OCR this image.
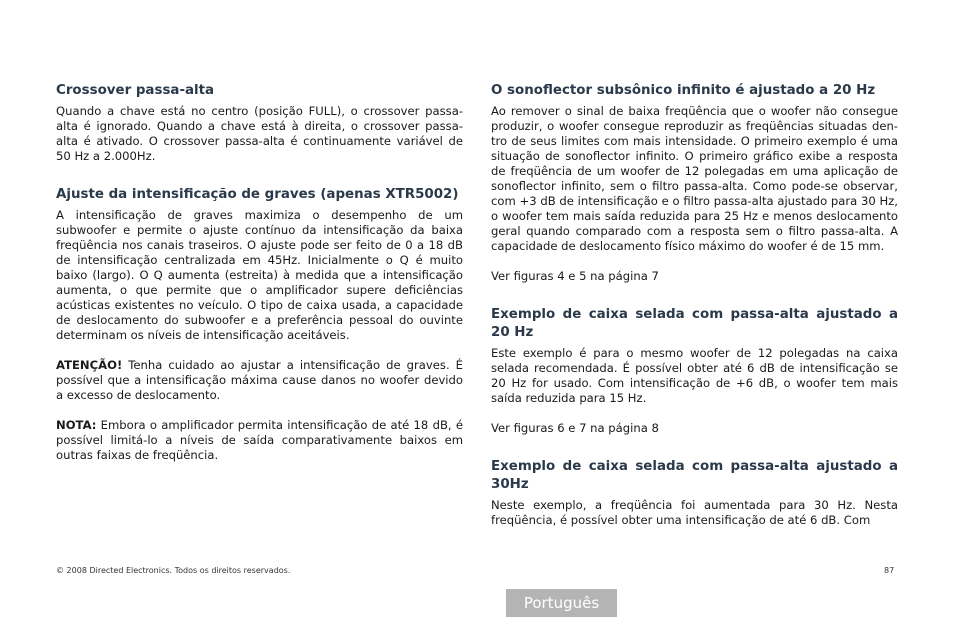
Crossover passa-alta

Quando a chave está no centro (posição FULL), o crossover passa-alta é ignorado. Quando a chave está à direita, o crossover passa-alta é ativado. O crossover passa-alta é continuamente variável de 50 Hz a 2.000Hz.

Ajuste da intensificação de graves (apenas XTR5002)

A intensificação de graves maximiza o desempenho de um subwoofer e permite o ajuste contínuo da intensificação da baixa freqüência nos canais traseiros. O ajuste pode ser feito de 0 a 18 dB de intensificação centralizada em 45Hz. Inicialmente o Q é muito baixo (largo). O Q aumenta (estreita) à medida que a intensificação aumenta, o que permite que o amplificador supere deficiências acústicas existentes no veículo. O tipo de caixa usada, a capacidade de deslocamento do subwoofer e a preferência pessoal do ouvinte determinam os níveis de intensificação aceitáveis.

ATENÇÃO! Tenha cuidado ao ajustar a intensificação de graves. É possível que a intensificação máxima cause danos no woofer devido a excesso de deslocamento.

NOTA: Embora o amplificador permita intensificação de até 18 dB, é possível limitá-lo a níveis de saída comparativamente baixos em outras faixas de freqüência.

O sonoflector subsônico infinito é ajustado a 20 Hz

Ao remover o sinal de baixa freqüência que o woofer não consegue produzir, o woofer consegue reproduzir as freqüências situadas den-tro de seus limites com mais intensidade. O primeiro exemplo é uma situação de sonoflector infinito. O primeiro gráfico exibe a resposta de freqüência de um woofer de 12 polegadas em uma aplicação de sonoflector infinito, sem o filtro passa-alta. Como pode-se observar, com +3 dB de intensificação e o filtro passa-alta ajustado para 30 Hz, o woofer tem mais saída reduzida para 25 Hz e menos deslocamento geral quando comparado com a resposta sem o filtro passa-alta. A capacidade de deslocamento físico máximo do woofer é de 15 mm.

Ver figuras 4 e 5 na página 7

Exemplo de caixa selada com passa-alta ajustado a 20 Hz

Este exemplo é para o mesmo woofer de 12 polegadas na caixa selada recomendada. É possível obter até 6 dB de intensificação se 20 Hz for usado. Com intensificação de +6 dB, o woofer tem mais saída reduzida para 15 Hz.

Ver figuras 6 e 7 na página 8

Exemplo de caixa selada com passa-alta ajustado a 30Hz

Neste exemplo, a freqüência foi aumentada para 30 Hz. Nesta freqüência, é possível obter uma intensificação de até 6 dB. Com

© 2008 Directed Electronics. Todos os direitos reservados.	87
Português
